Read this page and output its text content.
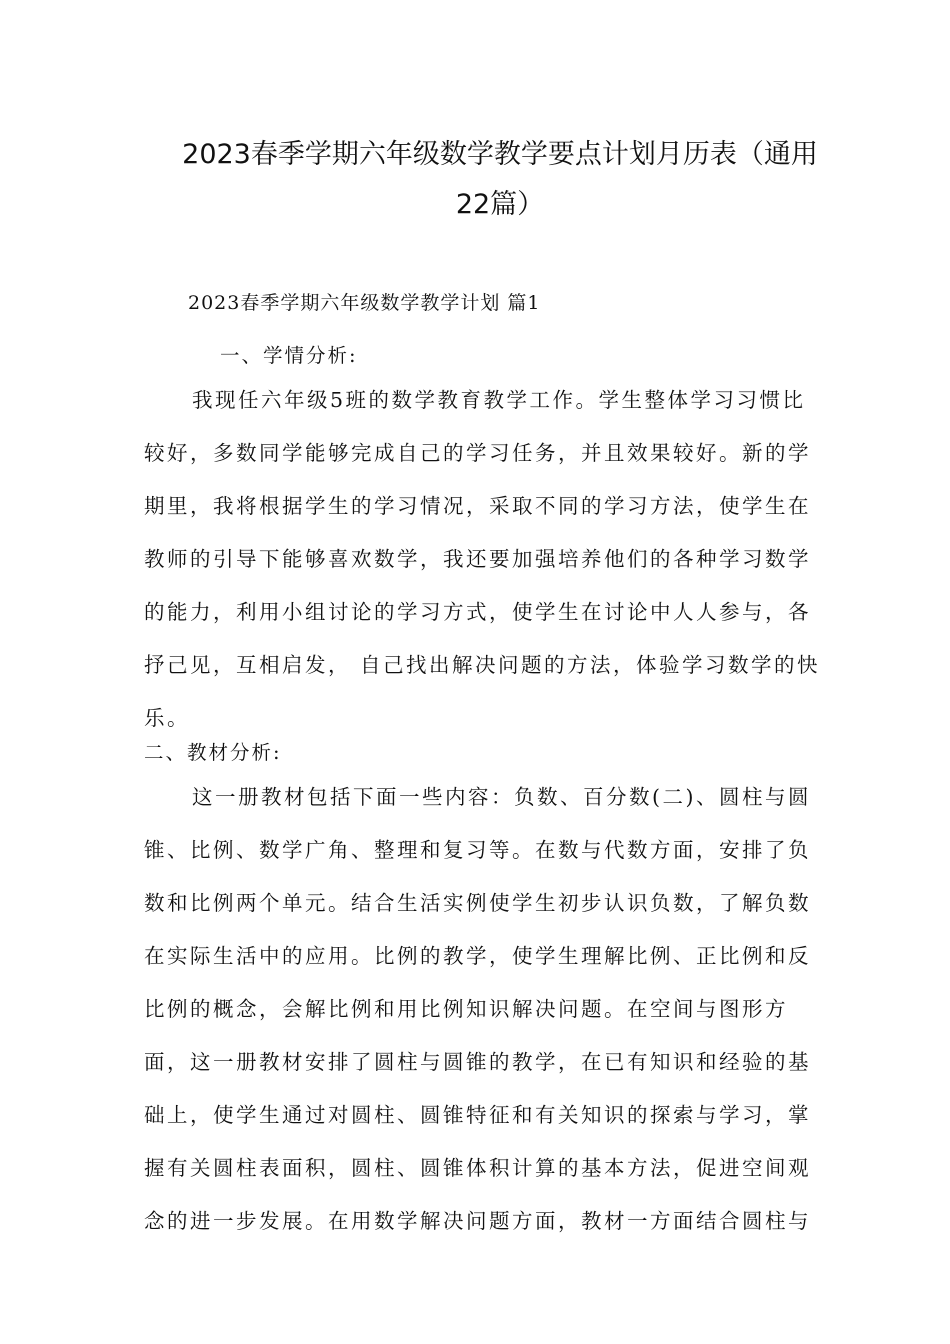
2023春季学期六年级数学教学要点计划月历表（通用
22篇）
2023春季学期六年级数学教学计划 篇1
一、学情分析:
我现任六年级5班的数学教育教学工作。学生整体学习习惯比
较好，多数同学能够完成自己的学习任务，并且效果较好。新的学
期里，我将根据学生的学习情况，采取不同的学习方法，使学生在
教师的引导下能够喜欢数学，我还要加强培养他们的各种学习数学
的能力，利用小组讨论的学习方式，使学生在讨论中人人参与，各
抒己见，互相启发， 自己找出解决问题的方法，体验学习数学的快
乐。
二、教材分析:
这一册教材包括下面一些内容：负数、百分数(二)、圆柱与圆
锥、比例、数学广角、整理和复习等。在数与代数方面，安排了负
数和比例两个单元。结合生活实例使学生初步认识负数，了解负数
在实际生活中的应用。比例的教学，使学生理解比例、正比例和反
比例的概念，会解比例和用比例知识解决问题。在空间与图形方
面，这一册教材安排了圆柱与圆锥的教学，在已有知识和经验的基
础上，使学生通过对圆柱、圆锥特征和有关知识的探索与学习，掌
握有关圆柱表面积，圆柱、圆锥体积计算的基本方法，促进空间观
念的进一步发展。在用数学解决问题方面，教材一方面结合圆柱与
